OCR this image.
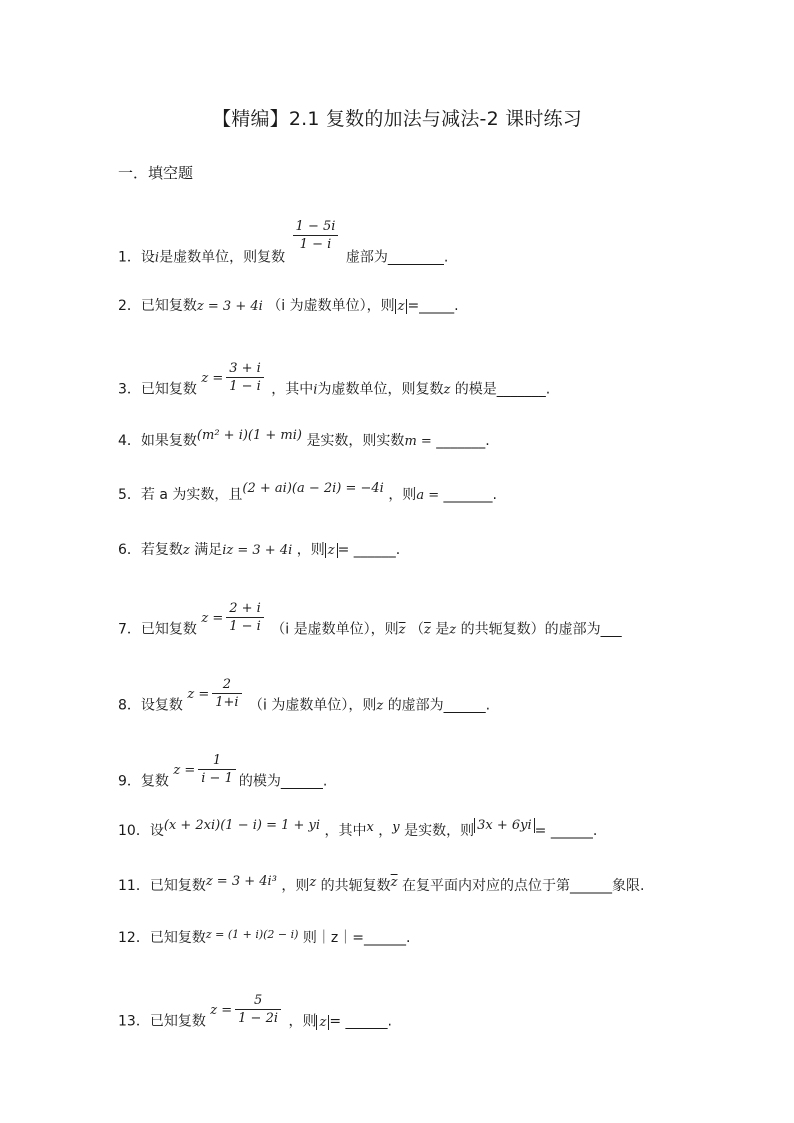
【精编】2.1 复数的加法与减法-2 课时练习
一．填空题
1．设i是虚数单位，则复数
$\frac{1 - 5i}{1 - i}$
虚部为________.
2．已知复数z = 3 + 4i （i 为虚数单位），则 z =_____.
3．已知复数 $z = \frac{3 + i}{1 - i}$ ，其中i为虚数单位，则复数z 的模是_______.
4．如果复数(m² + i)(1 + mi) 是实数，则实数m = _______.
5．若 a 为实数，且(2 + ai)(a − 2i) = −4i ，则a = _______.
6．若复数z 满足iz = 3 + 4i ，则 z = ______.
7．已知复数 $z = \frac{2 + i}{1 - i} (i$ 是虚数单位），则$\overline{z}$ （$\overline{z}$ 是z 的共轭复数）的虚部为___
8．设复数 $z = \frac{2}{1+i} (i$ 为虚数单位），则z 的虚部为______.
9．复数 $z = \frac{1}{i - 1}$ 的模为______.
10．设(x + 2xi)(1 − i) = 1 + yi ，其中x ，y 是实数，则 3x + 6yi = ______.
11．已知复数z = 3 + 4i³ ，则z 的共轭复数$\overline{z}$ 在复平面内对应的点位于第______象限.
12．已知复数$^{z = (1 + i)(2 - i)}$ 则｜z｜=______.
13．已知复数 $z = \frac{5}{1 - 2i}$ ，则 z = ______.
